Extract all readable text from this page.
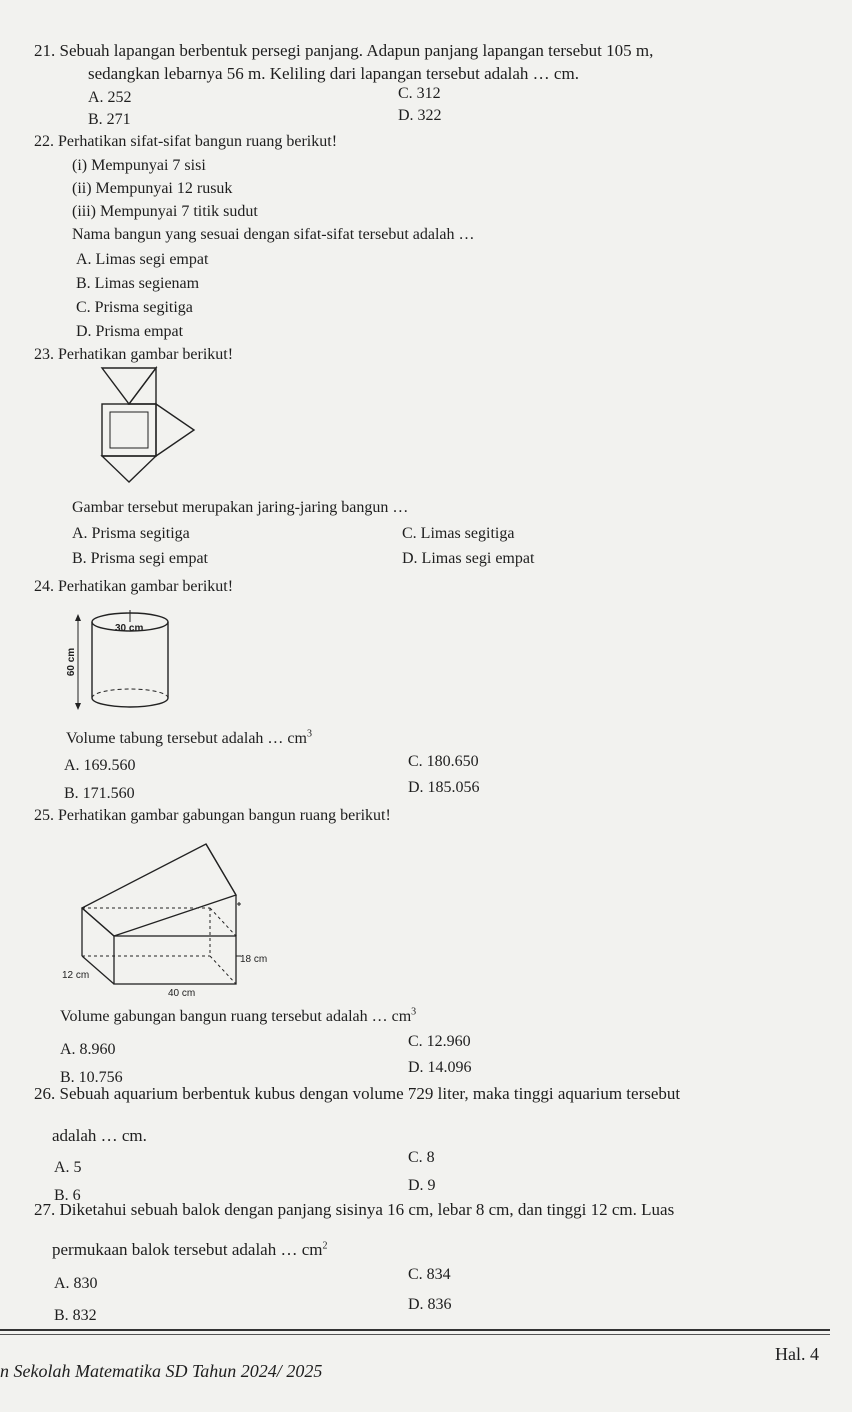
21. Sebuah lapangan berbentuk persegi panjang. Adapun panjang lapangan tersebut 105 m,
sedangkan lebarnya 56 m. Keliling dari lapangan tersebut adalah … cm.
A. 252	C. 312
B. 271	D. 322
22. Perhatikan sifat-sifat bangun ruang berikut!
(i) Mempunyai 7 sisi
(ii) Mempunyai 12 rusuk
(iii) Mempunyai 7 titik sudut
Nama bangun yang sesuai dengan sifat-sifat tersebut adalah …
A. Limas segi empat
B. Limas segienam
C. Prisma segitiga
D. Prisma empat
23. Perhatikan gambar berikut!
Gambar tersebut merupakan jaring-jaring bangun …
A. Prisma segitiga	C. Limas segitiga
B. Prisma segi empat	D. Limas segi empat
24. Perhatikan gambar berikut!
30 cm
60 cm
Volume tabung tersebut adalah … $cm^3$
A. 169.560	C. 180.650
B. 171.560	D. 185.056
25. Perhatikan gambar gabungan bangun ruang berikut!
18 cm
12 cm
40 cm
Volume gabungan bangun ruang tersebut adalah … $cm^3$
A. 8.960	C. 12.960
B. 10.756
D. 14.096
26. Sebuah aquarium berbentuk kubus dengan volume 729 liter, maka tinggi aquarium tersebut
adalah … cm.
A. 5
C. 8
B. 6
D. 9
27. Diketahui sebuah balok dengan panjang sisinya 16 cm, lebar 8 cm, dan tinggi 12 cm. Luas
permukaan balok tersebut adalah … $cm^2$
A. 830
C. 834
B. 832
D. 836
Hal. 4
n Sekolah Matematika SD Tahun 2024/ 2025
